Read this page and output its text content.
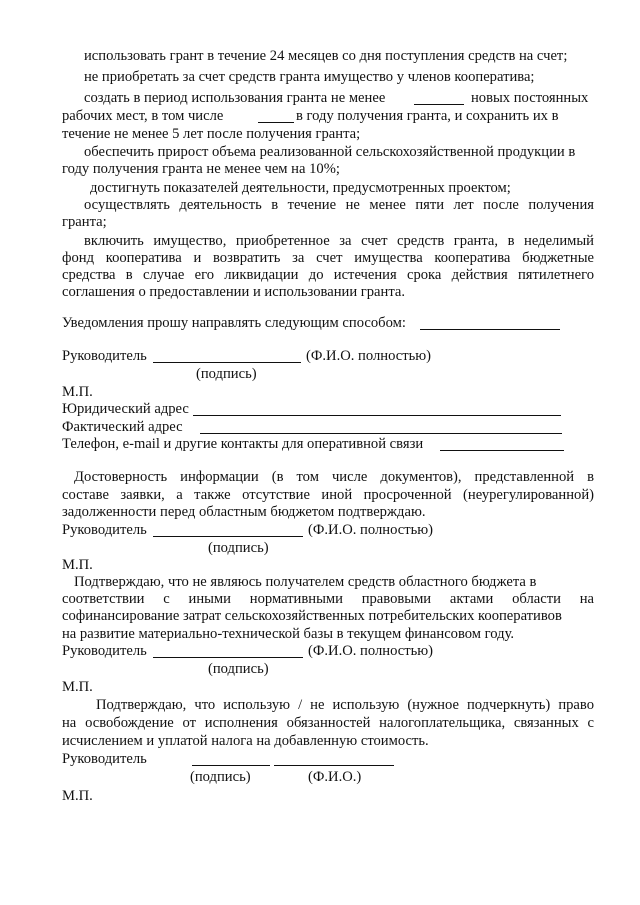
использовать грант в течение 24 месяцев со дня поступления средств на счет;
не приобретать за счет средств гранта имущество у членов кооператива;
создать в период использования гранта не менее	новых постоянных
рабочих мест, в том числе	в году получения гранта, и сохранить их в
течение не менее 5 лет после получения гранта;
обеспечить прирост объема реализованной сельскохозяйственной продукции в
году получения гранта не менее чем на 10%;
достигнуть показателей деятельности, предусмотренных проектом;
осуществлять деятельность в течение не менее пяти лет после получения
гранта;
включить имущество, приобретенное за счет средств гранта, в неделимый
фонд кооператива и возвратить за счет имущества кооператива бюджетные
средства в случае его ликвидации до истечения срока действия пятилетнего
соглашения о предоставлении и использовании гранта.
Уведомления прошу направлять следующим способом:
Руководитель	(Ф.И.О. полностью)
(подпись)
М.П.
Юридический адрес
Фактический адрес
Телефон, e-mail и другие контакты для оперативной связи
Достоверность информации (в том числе документов), представленной в
составе заявки, а также отсутствие иной просроченной (неурегулированной)
задолженности перед областным бюджетом подтверждаю.
Руководитель	(Ф.И.О. полностью)
(подпись)
М.П.
Подтверждаю, что не являюсь получателем средств областного бюджета в
соответствии с иными нормативными правовыми актами области на
софинансирование затрат сельскохозяйственных потребительских кооперативов
на развитие материально-технической базы в текущем финансовом году.
Руководитель	(Ф.И.О. полностью)
(подпись)
М.П.
Подтверждаю, что использую / не использую (нужное подчеркнуть) право
на освобождение от исполнения обязанностей налогоплательщика, связанных с
исчислением и уплатой налога на добавленную стоимость.
Руководитель
(подпись)	(Ф.И.О.)
М.П.
